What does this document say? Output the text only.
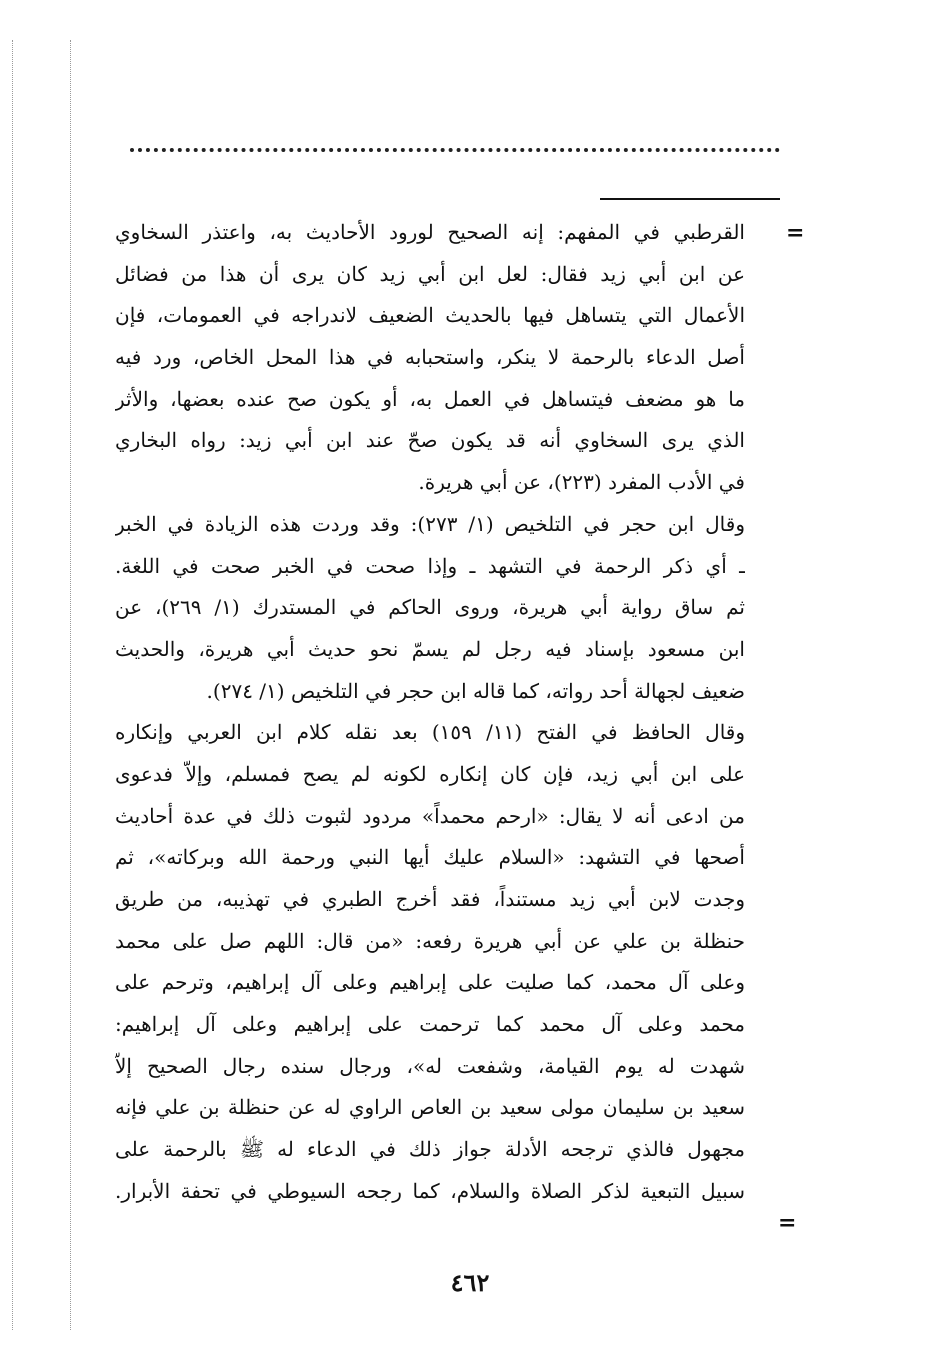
=
القرطبي في المفهم: إنه الصحيح لورود الأحاديث به، واعتذر السخاوي
عن ابن أبي زيد فقال: لعل ابن أبي زيد كان يرى أن هذا من فضائل
الأعمال التي يتساهل فيها بالحديث الضعيف لاندراجه في العمومات، فإن
أصل الدعاء بالرحمة لا ينكر، واستحبابه في هذا المحل الخاص، ورد فيه
ما هو مضعف فيتساهل في العمل به، أو يكون صح عنده بعضها، والأثر
الذي يرى السخاوي أنه قد يكون صحّ عند ابن أبي زيد: رواه البخاري
في الأدب المفرد (٢٢٣)، عن أبي هريرة.
وقال ابن حجر في التلخيص (١/ ٢٧٣): وقد وردت هذه الزيادة في الخبر
ـ أي ذكر الرحمة في التشهد ـ وإذا صحت في الخبر صحت في اللغة.
ثم ساق رواية أبي هريرة، وروى الحاكم في المستدرك (١/ ٢٦٩)، عن
ابن مسعود بإسناد فيه رجل لم يسمّ نحو حديث أبي هريرة، والحديث
ضعيف لجهالة أحد رواته، كما قاله ابن حجر في التلخيص (١/ ٢٧٤).
وقال الحافظ في الفتح (١١/ ١٥٩) بعد نقله كلام ابن العربي وإنكاره
على ابن أبي زيد، فإن كان إنكاره لكونه لم يصح فمسلم، وإلاّ فدعوى
من ادعى أنه لا يقال: «ارحم محمداً» مردود لثبوت ذلك في عدة أحاديث
أصحها في التشهد: «السلام عليك أيها النبي ورحمة الله وبركاته»، ثم
وجدت لابن أبي زيد مستنداً، فقد أخرج الطبري في تهذيبه، من طريق
حنظلة بن علي عن أبي هريرة رفعه: «من قال: اللهم صل على محمد
وعلى آل محمد، كما صليت على إبراهيم وعلى آل إبراهيم، وترحم على
محمد وعلى آل محمد كما ترحمت على إبراهيم وعلى آل إبراهيم:
شهدت له يوم القيامة، وشفعت له»، ورجال سنده رجال الصحيح إلاّ
سعيد بن سليمان مولى سعيد بن العاص الراوي له عن حنظلة بن علي فإنه
مجهول فالذي ترجحه الأدلة جواز ذلك في الدعاء له ﷺ بالرحمة على
سبيل التبعية لذكر الصلاة والسلام، كما رجحه السيوطي في تحفة الأبرار.
=
٤٦٢
